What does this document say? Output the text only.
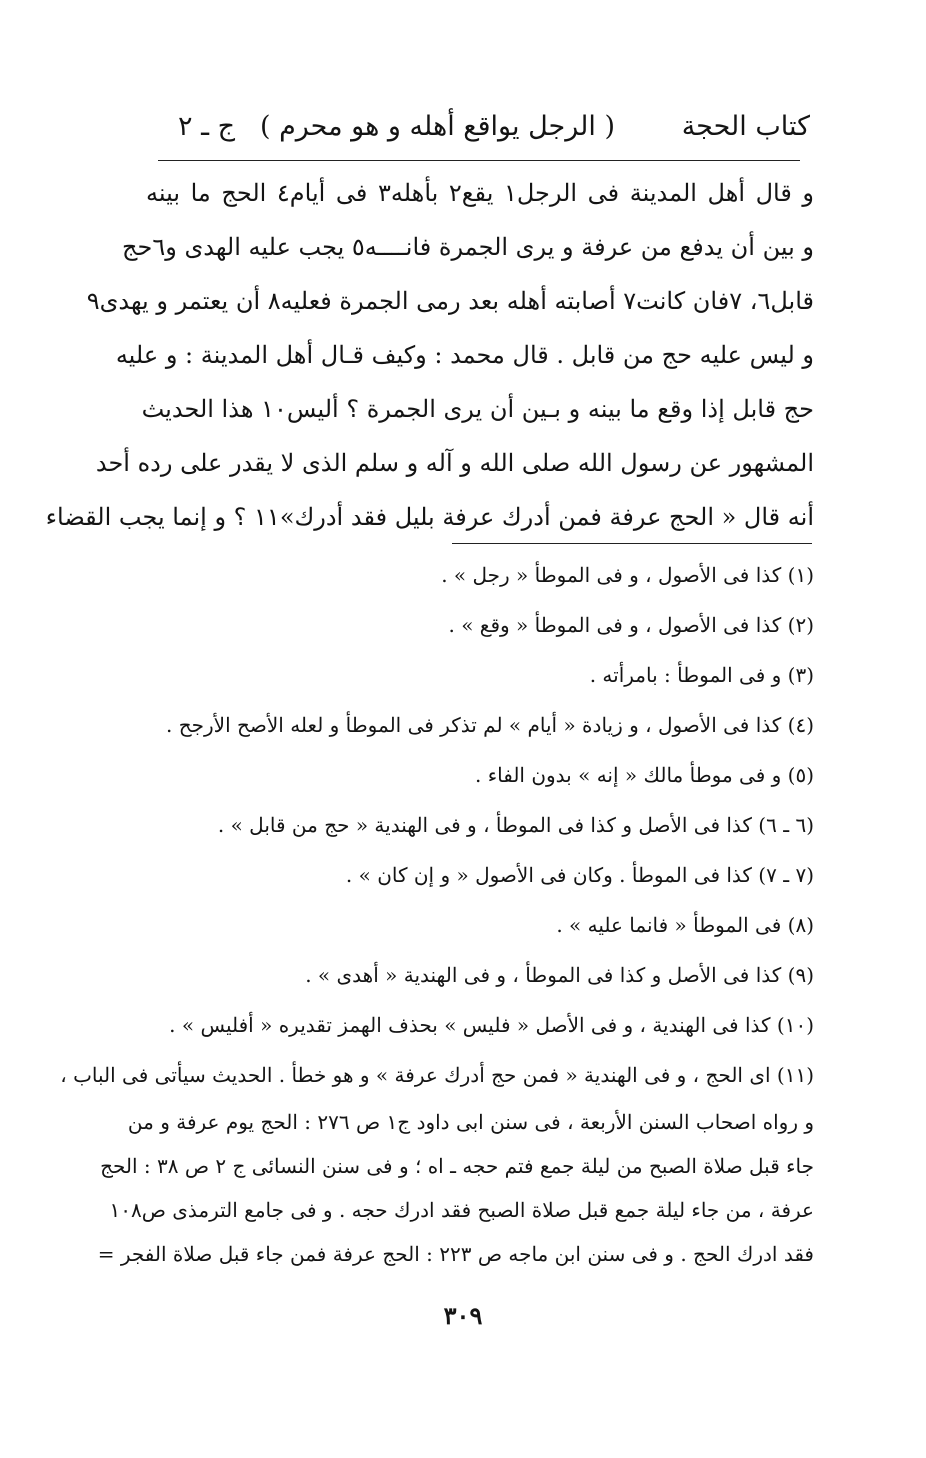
كتاب الحجة
( الرجل يواقع أهله و هو محرم )
ج ـ ٢
و قال أهل المدينة فى الرجل١ يقع٢ بأهله٣ فى أيام٤ الحج ما بينه
و بين أن يدفع من عرفة و يرى الجمرة فانــــه٥ يجب عليه الهدى و٦حج
قابل٦، ٧فان كانت٧ أصابته أهله بعد رمى الجمرة فعليه٨ أن يعتمر و يهدى٩
و ليس عليه حج من قابل . قال محمد : وكيف قـال أهل المدينة : و عليه
حج قابل إذا وقع ما بينه و بـين أن يرى الجمرة ؟ أليس١٠ هذا الحديث
المشهور عن رسول الله صلى الله و آله و سلم الذى لا يقدر على رده أحد
أنه قال « الحج عرفة فمن أدرك عرفة بليل فقد أدرك»١١ ؟ و إنما يجب القضاء
(١) كذا فى الأصول ، و فى الموطأ « رجل » .
(٢) كذا فى الأصول ، و فى الموطأ « وقع » .
(٣) و فى الموطأ : بامرأته .
(٤) كذا فى الأصول ، و زيادة « أيام » لم تذكر فى الموطأ و لعله الأصح الأرجح .
(٥) و فى موطأ مالك « إنه » بدون الفاء .
(٦ ـ ٦) كذا فى الأصل و كذا فى الموطأ ، و فى الهندية « حج من قابل » .
(٧ ـ ٧) كذا فى الموطأ . وكان فى الأصول « و إن كان » .
(٨) فى الموطأ « فانما عليه » .
(٩) كذا فى الأصل و كذا فى الموطأ ، و فى الهندية « أهدى » .
(١٠) كذا فى الهندية ، و فى الأصل « فليس » بحذف الهمز تقديره « أفليس » .
(١١) اى الحج ، و فى الهندية « فمن حج أدرك عرفة » و هو خطأ . الحديث سيأتى فى الباب ،
و رواه اصحاب السنن الأربعة ، فى سنن ابى داود ج١ ص ٢٧٦ : الحج يوم عرفة و من
جاء قبل صلاة الصبح من ليلة جمع فتم حجه ـ اه ؛ و فى سنن النسائى ج ٢ ص ٣٨ : الحج
عرفة ، من جاء ليلة جمع قبل صلاة الصبح فقد ادرك حجه . و فى جامع الترمذى ص١٠٨
فقد ادرك الحج . و فى سنن ابن ماجه ص ٢٢٣ : الحج عرفة فمن جاء قبل صلاة الفجر =
٣٠٩
